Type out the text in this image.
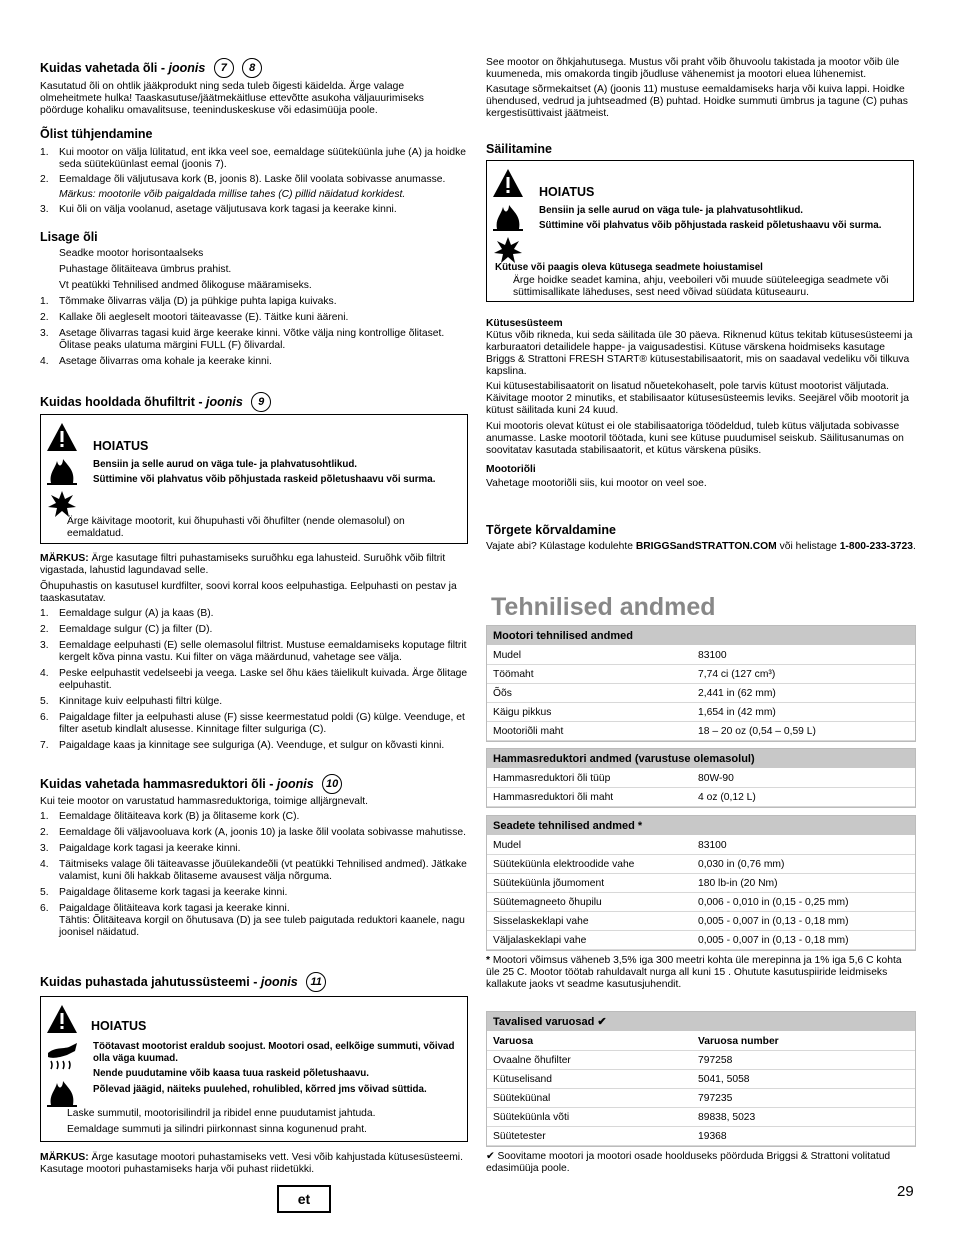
Kuidas vahetada õli - joonis 7 8

Kasutatud õli on ohtlik jääkprodukt ning seda tuleb õigesti käidelda. Ärge valage olmeheitmete hulka! Taaskasutuse/jäätmekäitluse ettevõtte asukoha väljauurimiseks pöörduge kohaliku omavalitsuse, teeninduskeskuse või edasimüüja poole.

Õlist tühjendamine
1. Kui mootor on välja lülitatud, ent ikka veel soe, eemaldage süüteküünla juhe (A) ja hoidke seda süüteküünlast eemal (joonis 7).
2. Eemaldage õli väljutusava kork (B, joonis 8). Laske õlil voolata sobivasse anumasse.
Märkus: mootorile võib paigaldada millise tahes (C) pillid näidatud korkidest.
3. Kui õli on välja voolanud, asetage väljutusava kork tagasi ja keerake kinni.
Lisage õli
Seadke mootor horisontaalseks
Puhastage õlitäiteava ümbrus prahist.
Vt peatükki Tehnilised andmed õlikoguse määramiseks.
1. Tõmmake õlivarras välja (D) ja pühkige puhta lapiga kuivaks.
2. Kallake õli aegleselt mootori täiteavasse (E). Täitke kuni ääreni.
3. Asetage õlivarras tagasi kuid ärge keerake kinni. Võtke välja ning kontrollige õlitaset. Õlitase peaks ulatuma märgini FULL (F) õlivardal.
4. Asetage õlivarras oma kohale ja keerake kinni.
Kuidas hooldada õhufiltrit - joonis 9
HOIATUS

Bensiin ja selle aurud on väga tule- ja plahvatusohtlikud.

Süttimine või plahvatus võib põhjustada raskeid põletushaavu või surma.

Ärge käivitage mootorit, kui õhupuhasti või õhufilter (nende olemasolul) on eemaldatud.

MÄRKUS: Ärge kasutage filtri puhastamiseks suruõhku ega lahusteid. Suruõhk võib filtrit vigastada, lahustid lagundavad selle.

Õhupuhastis on kasutusel kurdfilter, soovi korral koos eelpuhastiga. Eelpuhasti on pestav ja taaskasutatav.

1. Eemaldage sulgur (A) ja kaas (B).
2. Eemaldage sulgur (C) ja filter (D).
3. Eemaldage eelpuhasti (E) selle olemasolul filtrist. Mustuse eemaldamiseks koputage filtrit kergelt kõva pinna vastu. Kui filter on väga määrdunud, vahetage see välja.
4. Peske eelpuhastit vedelseebi ja veega. Laske sel õhu käes täielikult kuivada. Ärge õlitage eelpuhastit.
5. Kinnitage kuiv eelpuhasti filtri külge.
6. Paigaldage filter ja eelpuhasti aluse (F) sisse keermestatud poldi (G) külge. Veenduge, et filter asetub kindlalt alusesse. Kinnitage filter sulguriga (C).
7. Paigaldage kaas ja kinnitage see sulguriga (A). Veenduge, et sulgur on kõvasti kinni.
Kuidas vahetada hammasreduktori õli - joonis 10

Kui teie mootor on varustatud hammasreduktoriga, toimige alljärgnevalt.

1. Eemaldage õlitäiteava kork (B) ja õlitaseme kork (C).
2. Eemaldage õli väljavooluava kork (A, joonis 10) ja laske õlil voolata sobivasse mahutisse.
3. Paigaldage kork tagasi ja keerake kinni.
4. Täitmiseks valage õli täiteavasse jõuülekandeõli (vt peatükki Tehnilised andmed). Jätkake valamist, kuni õli hakkab õlitaseme avausest välja nõrguma.
5. Paigaldage õlitaseme kork tagasi ja keerake kinni.
6. Paigaldage õlitäiteava kork tagasi ja keerake kinni.
Tähtis: Õlitäiteava korgil on õhutusava (D) ja see tuleb paigutada reduktori kaanele, nagu joonisel näidatud.
Kuidas puhastada jahutussüsteemi - joonis 11
HOIATUS

Töötavast mootorist eraldub soojust. Mootori osad, eelkõige summuti, võivad olla väga kuumad.

Nende puudutamine võib kaasa tuua raskeid põletushaavu.

Põlevad jäägid, näiteks puulehed, rohulibled, kõrred jms võivad süttida.

Laske summutil, mootorisilindril ja ribidel enne puudutamist jahtuda.

Eemaldage summuti ja silindri piirkonnast sinna kogunenud praht.

MÄRKUS: Ärge kasutage mootori puhastamiseks vett. Vesi võib kahjustada kütusesüsteemi. Kasutage mootori puhastamiseks harja või puhast riidetükki.

See mootor on õhkjahutusega. Mustus või praht võib õhuvoolu takistada ja mootor võib üle kuumeneda, mis omakorda tingib jõudluse vähenemist ja mootori eluea lühenemist.

Kasutage sõrmekaitset (A) (joonis 11) mustuse eemaldamiseks harja või kuiva lappi. Hoidke ühendused, vedrud ja juhtseadmed (B) puhtad. Hoidke summuti ümbrus ja tagune (C) puhas kergestisüttivaist jäätmeist.

Säilitamine
HOIATUS

Bensiin ja selle aurud on väga tule- ja plahvatusohtlikud.

Süttimine või plahvatus võib põhjustada raskeid põletushaavu või surma.

Kütuse või paagis oleva kütusega seadmete hoiustamisel

Ärge hoidke seadet kamina, ahju, veeboileri või muude süüteleegiga seadmete või süttimisallikate läheduses, sest need võivad süüdata kütuseauru.

Kütusesüsteem

Kütus võib rikneda, kui seda säilitada üle 30 päeva. Riknenud kütus tekitab kütusesüsteemi ja karburaatori detailidele happe- ja vaigusadestisi. Kütuse värskena hoidmiseks kasutage Briggs & Strattoni FRESH START® kütusestabilisaatorit, mis on saadaval vedeliku või tilkuva kapslina.

Kui kütusestabilisaatorit on lisatud nõuetekohaselt, pole tarvis kütust mootorist väljutada. Käivitage mootor 2 minutiks, et stabilisaator kütusesüsteemis leviks. Seejärel võib mootorit ja kütust säilitada kuni 24 kuud.

Kui mootoris olevat kütust ei ole stabilisaatoriga töödeldud, tuleb kütus väljutada sobivasse anumasse. Laske mootoril töötada, kuni see kütuse puudumisel seiskub. Säilitusanumas on soovitatav kasutada stabilisaatorit, et kütus värskena püsiks.

Mootoriõli

Vahetage mootoriõli siis, kui mootor on veel soe.

Tõrgete kõrvaldamine

Vajate abi? Külastage kodulehte BRIGGSandSTRATTON.COM või helistage 1-800-233-3723.

Tehnilised andmed
Mootori tehnilised andmed	
Mudel	83100
Töömaht	7,74 ci (127 cm³)
Õõs	2,441 in (62 mm)
Käigu pikkus	1,654 in (42 mm)
Mootoriõli maht	18 – 20 oz (0,54 – 0,59 L)
Hammasreduktori andmed (varustuse olemasolul)	
Hammasreduktori õli tüüp	80W-90
Hammasreduktori õli maht	4 oz (0,12 L)
Seadete tehnilised andmed *	
Mudel	83100
Süüteküünla elektroodide vahe	0,030 in (0,76 mm)
Süüteküünla jõumoment	180 lb-in (20 Nm)
Süütemagneeto õhupilu	0,006 - 0,010 in (0,15 - 0,25 mm)
Sisselaskeklapi vahe	0,005 - 0,007 in (0,13 - 0,18 mm)
Väljalaskeklapi vahe	0,005 - 0,007 in (0,13 - 0,18 mm)

* Mootori võimsus väheneb 3,5% iga 300 meetri kohta üle merepinna ja 1% iga 5,6 C kohta üle 25 C. Mootor töötab rahuldavalt nurga all kuni 15 . Ohutute kasutuspiiride leidmiseks kallakute jaoks vt seadme kasutusjuhendit.

Tavalised varuosad ✔	
Varuosa	Varuosa number
Ovaalne õhufilter	797258
Kütuselisand	5041, 5058
Süüteküünal	797235
Süüteküünla võti	89838, 5023
Süütetester	19368

✔ Soovitame mootori ja mootori osade hoolduseks pöörduda Briggsi & Strattoni volitatud edasimüüja poole.

et	29
